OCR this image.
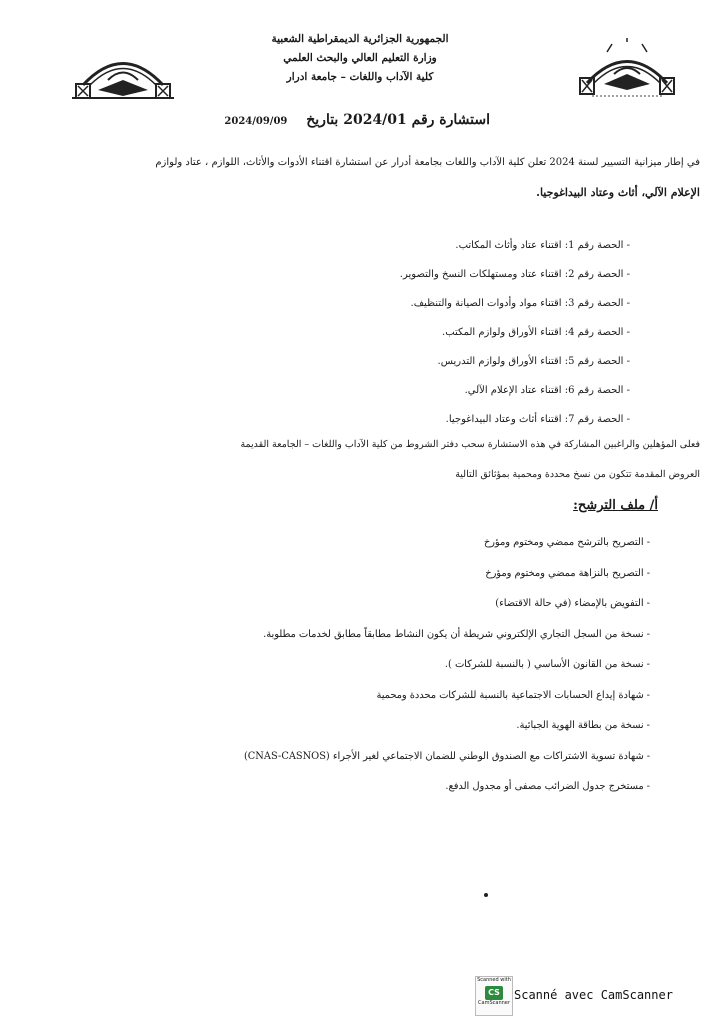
الجمهورية الجزائرية الديمقراطية الشعبية
وزارة التعليم العالي والبحث العلمي
كلية الآداب واللغات – جامعة ادرار
استشارة رقم 2024/01 بتاريخ 2024/09/09
في إطار ميزانية التسيير لسنة 2024 تعلن كلية الآداب واللغات بجامعة أدرار عن استشارة اقتناء الأدوات والأثاث، اللوازم ، عتاد ولوازم
الإعلام الآلي، أثاث وعتاد البيداغوجيا.
- الحصة رقم 1: اقتناء عتاد وأثاث المكاتب.
- الحصة رقم 2: اقتناء عتاد ومستهلكات النسخ والتصوير.
- الحصة رقم 3: اقتناء مواد وأدوات الصيانة والتنظيف.
- الحصة رقم 4: اقتناء الأوراق ولوازم المكتب.
- الحصة رقم 5: اقتناء الأوراق ولوازم التدريس.
- الحصة رقم 6: اقتناء عتاد الإعلام الآلي.
- الحصة رقم 7: اقتناء أثاث وعتاد البيداغوجيا.
فعلى المؤهلين والراغبين المشاركة في هذه الاستشارة سحب دفتر الشروط من كلية الآداب واللغات – الجامعة القديمة
العروض المقدمة تتكون من نسخ محددة ومحمية بمؤثائق التالية
أ/ ملف الترشح:
- التصريح بالترشح ممضي ومختوم ومؤرخ
- التصريح بالنزاهة ممضي ومختوم ومؤرخ
- التفويض بالإمضاء (في حالة الاقتضاء)
- نسخة من السجل التجاري الإلكتروني شريطة أن يكون النشاط مطابقاً مطابق لخدمات مطلوبة.
- نسخة من القانون الأساسي ( بالنسبة للشركات ).
- شهادة إيداع الحسابات الاجتماعية بالنسبة للشركات محددة ومحمية
- نسخة من بطاقة الهوية الجبائية.
- شهادة تسوية الاشتراكات مع الصندوق الوطني للضمان الاجتماعي لغير الأجراء (CNAS-CASNOS)
- مستخرج جدول الضرائب مصفى أو مجدول الدفع.
Scanned with
CS
CamScanner
Scanné avec CamScanner
